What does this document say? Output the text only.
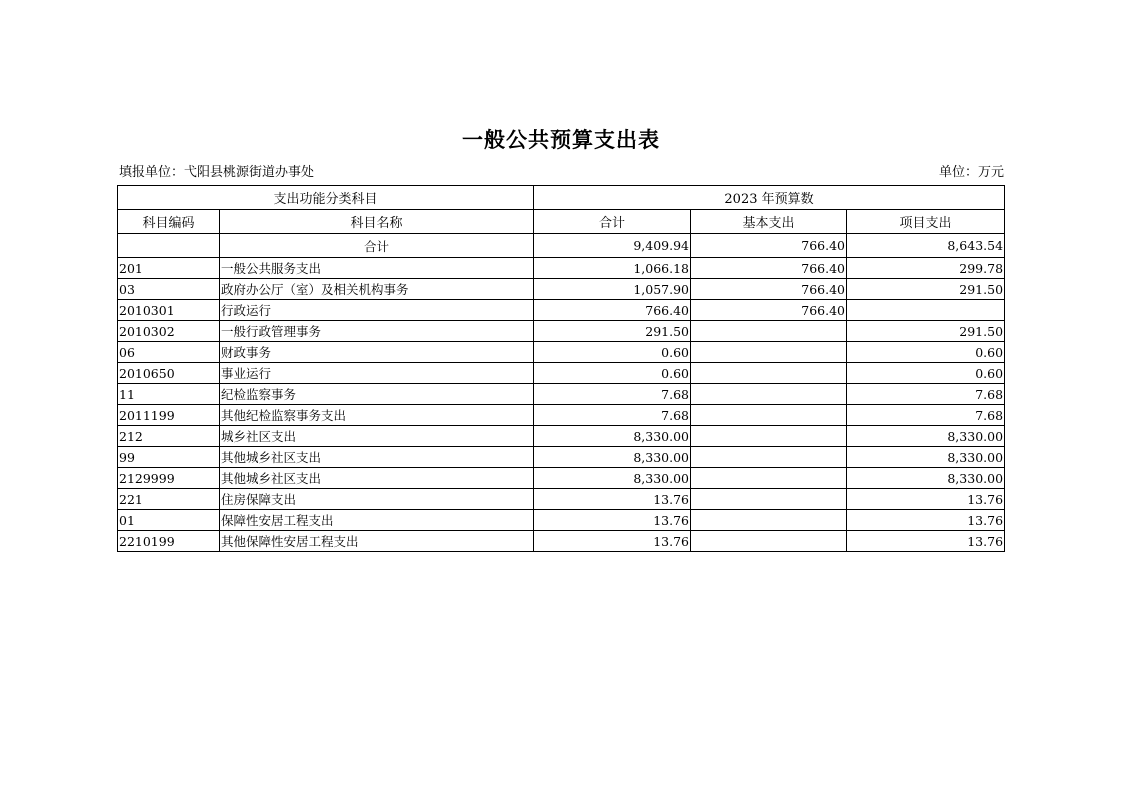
一般公共预算支出表
填报单位：弋阳县桃源街道办事处	单位：万元
支出功能分类科目		2023 年预算数		
科目编码	科目名称	合计	基本支出	项目支出
	合计	9,409.94	766.40	8,643.54
201	一般公共服务支出	1,066.18	766.40	299.78
03	政府办公厅（室）及相关机构事务	1,057.90	766.40	291.50
2010301	行政运行	766.40	766.40	
2010302	一般行政管理事务	291.50		291.50
06	财政事务	0.60		0.60
2010650	事业运行	0.60		0.60
11	纪检监察事务	7.68		7.68
2011199	其他纪检监察事务支出	7.68		7.68
212	城乡社区支出	8,330.00		8,330.00
99	其他城乡社区支出	8,330.00		8,330.00
2129999	其他城乡社区支出	8,330.00		8,330.00
221	住房保障支出	13.76		13.76
01	保障性安居工程支出	13.76		13.76
2210199	其他保障性安居工程支出	13.76		13.76
